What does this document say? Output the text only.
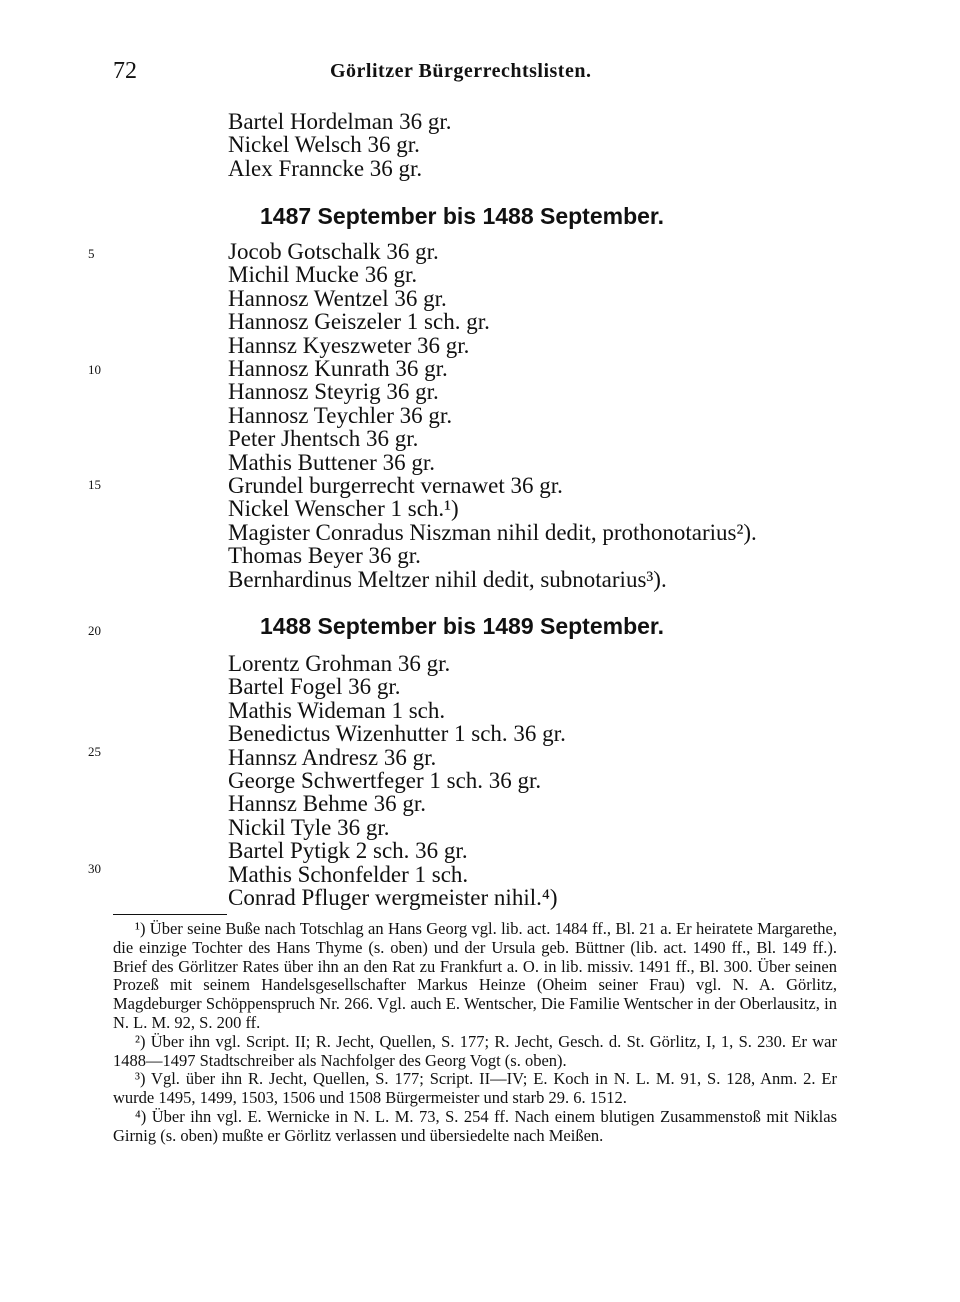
72	Görlitzer Bürgerrechtslisten.
5
10
15
20
25
30
Bartel Hordelman 36 gr.
Nickel Welsch 36 gr.
Alex Franncke 36 gr.
1487 September bis 1488 September.
Jocob Gotschalk 36 gr.
Michil Mucke 36 gr.
Hannosz Wentzel 36 gr.
Hannosz Geiszeler 1 sch. gr.
Hannsz Kyeszweter 36 gr.
Hannosz Kunrath 36 gr.
Hannosz Steyrig 36 gr.
Hannosz Teychler 36 gr.
Peter Jhentsch 36 gr.
Mathis Buttener 36 gr.
Grundel burgerrecht vernawet 36 gr.
Nickel Wenscher 1 sch.¹)
Magister Conradus Niszman nihil dedit, prothonotarius²).
Thomas Beyer 36 gr.
Bernhardinus Meltzer nihil dedit, subnotarius³).
1488 September bis 1489 September.
Lorentz Grohman 36 gr.
Bartel Fogel 36 gr.
Mathis Wideman 1 sch.
Benedictus Wizenhutter 1 sch. 36 gr.
Hannsz Andresz 36 gr.
George Schwertfeger 1 sch. 36 gr.
Hannsz Behme 36 gr.
Nickil Tyle 36 gr.
Bartel Pytigk 2 sch. 36 gr.
Mathis Schonfelder 1 sch.
Conrad Pfluger wergmeister nihil.⁴)

¹) Über seine Buße nach Totschlag an Hans Georg vgl. lib. act. 1484 ff., Bl. 21 a. Er heiratete Margarethe, die einzige Tochter des Hans Thyme (s. oben) und der Ursula geb. Büttner (lib. act. 1490 ff., Bl. 149 ff.). Brief des Görlitzer Rates über ihn an den Rat zu Frankfurt a. O. in lib. missiv. 1491 ff., Bl. 300. Über seinen Prozeß mit seinem Handelsgesellschafter Markus Heinze (Oheim seiner Frau) vgl. N. A. Görlitz, Magdeburger Schöppenspruch Nr. 266. Vgl. auch E. Wentscher, Die Familie Wentscher in der Oberlausitz, in N. L. M. 92, S. 200 ff.

²) Über ihn vgl. Script. II; R. Jecht, Quellen, S. 177; R. Jecht, Gesch. d. St. Görlitz, I, 1, S. 230. Er war 1488—1497 Stadtschreiber als Nachfolger des Georg Vogt (s. oben).

³) Vgl. über ihn R. Jecht, Quellen, S. 177; Script. II—IV; E. Koch in N. L. M. 91, S. 128, Anm. 2. Er wurde 1495, 1499, 1503, 1506 und 1508 Bürgermeister und starb 29. 6. 1512.

⁴) Über ihn vgl. E. Wernicke in N. L. M. 73, S. 254 ff. Nach einem blutigen Zusammenstoß mit Niklas Girnig (s. oben) mußte er Görlitz verlassen und übersiedelte nach Meißen.
